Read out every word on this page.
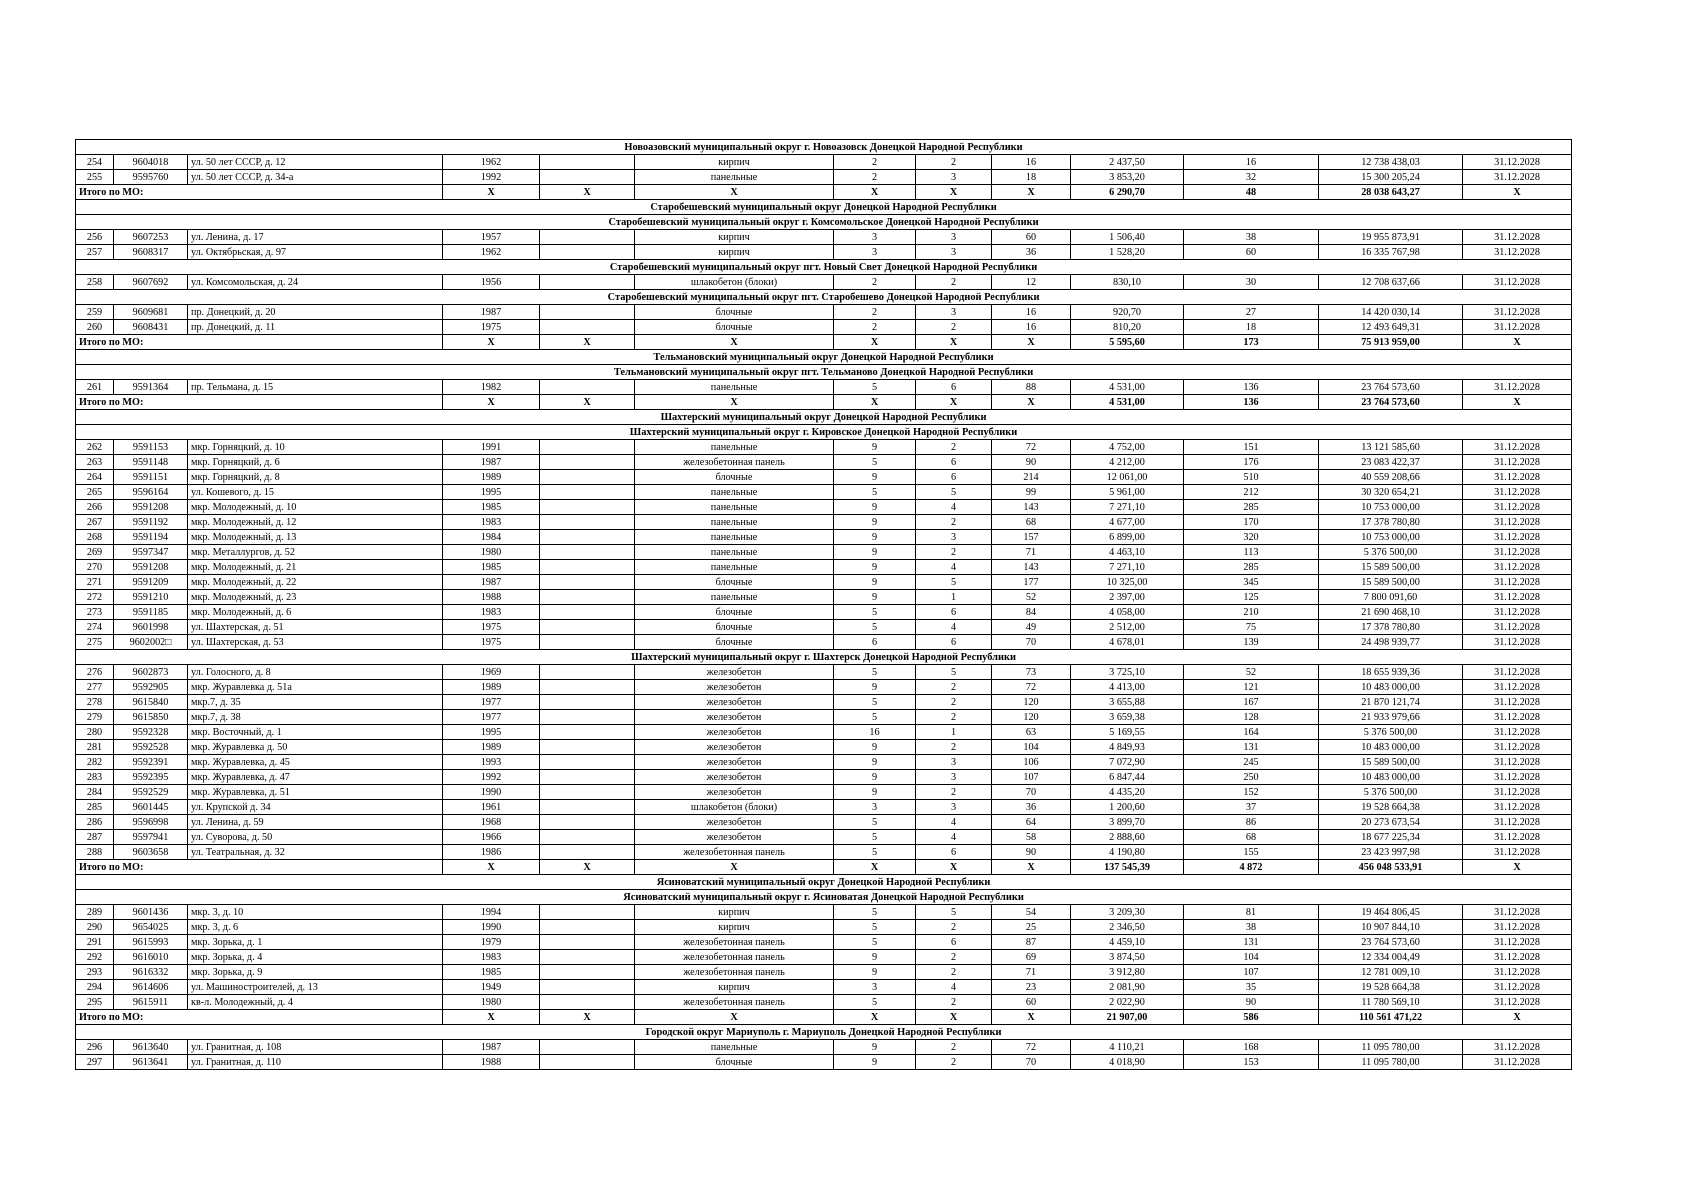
Новоазовский муниципальный округ г. Новоазовск Донецкой Народной Республики												
254	9604018	ул. 50 лет СССР, д. 12	1962		кирпич	2	2	16	2 437,50	16	12 738 438,03	31.12.2028
255	9595760	ул. 50 лет СССР, д. 34-а	1992		панельные	2	3	18	3 853,20	32	15 300 205,24	31.12.2028
Итого по МО:			X	X	X	X	X	X	6 290,70	48	28 038 643,27	X
Старобешевский муниципальный округ Донецкой Народной Республики												
Старобешевский муниципальный округ г. Комсомольское Донецкой Народной Республики												
256	9607253	ул. Ленина, д. 17	1957		кирпич	3	3	60	1 506,40	38	19 955 873,91	31.12.2028
257	9608317	ул. Октябрьская, д. 97	1962		кирпич	3	3	36	1 528,20	60	16 335 767,98	31.12.2028
Старобешевский муниципальный округ пгт. Новый Свет Донецкой Народной Республики												
258	9607692	ул. Комсомольская, д. 24	1956		шлакобетон (блоки)	2	2	12	830,10	30	12 708 637,66	31.12.2028
Старобешевский муниципальный округ пгт. Старобешево Донецкой Народной Республики												
259	9609681	пр. Донецкий, д. 20	1987		блочные	2	3	16	920,70	27	14 420 030,14	31.12.2028
260	9608431	пр. Донецкий, д. 11	1975		блочные	2	2	16	810,20	18	12 493 649,31	31.12.2028
Итого по МО:			X	X	X	X	X	X	5 595,60	173	75 913 959,00	X
Тельмановский муниципальный округ Донецкой Народной Республики												
Тельмановский муниципальный округ пгт. Тельманово Донецкой Народной Республики												
261	9591364	пр. Тельмана, д. 15	1982		панельные	5	6	88	4 531,00	136	23 764 573,60	31.12.2028
Итого по МО:			X	X	X	X	X	X	4 531,00	136	23 764 573,60	X
Шахтерский муниципальный округ Донецкой Народной Республики												
Шахтерский муниципальный округ г. Кировское Донецкой Народной Республики												
262	9591153	мкр. Горняцкий, д. 10	1991		панельные	9	2	72	4 752,00	151	13 121 585,60	31.12.2028
263	9591148	мкр. Горняцкий, д. 6	1987		железобетонная панель	5	6	90	4 212,00	176	23 083 422,37	31.12.2028
264	9591151	мкр. Горняцкий, д. 8	1989		блочные	9	6	214	12 061,00	510	40 559 208,66	31.12.2028
265	9596164	ул. Кошевого, д. 15	1995		панельные	5	5	99	5 961,00	212	30 320 654,21	31.12.2028
266	9591208	мкр. Молодежный, д. 10	1985		панельные	9	4	143	7 271,10	285	10 753 000,00	31.12.2028
267	9591192	мкр. Молодежный, д. 12	1983		панельные	9	2	68	4 677,00	170	17 378 780,80	31.12.2028
268	9591194	мкр. Молодежный, д. 13	1984		панельные	9	3	157	6 899,00	320	10 753 000,00	31.12.2028
269	9597347	мкр. Металлургов, д. 52	1980		панельные	9	2	71	4 463,10	113	5 376 500,00	31.12.2028
270	9591208	мкр. Молодежный, д. 21	1985		панельные	9	4	143	7 271,10	285	15 589 500,00	31.12.2028
271	9591209	мкр. Молодежный, д. 22	1987		блочные	9	5	177	10 325,00	345	15 589 500,00	31.12.2028
272	9591210	мкр. Молодежный, д. 23	1988		панельные	9	1	52	2 397,00	125	7 800 091,60	31.12.2028
273	9591185	мкр. Молодежный, д. 6	1983		блочные	5	6	84	4 058,00	210	21 690 468,10	31.12.2028
274	9601998	ул. Шахтерская, д. 51	1975		блочные	5	4	49	2 512,00	75	17 378 780,80	31.12.2028
275	9602002□	ул. Шахтерская, д. 53	1975		блочные	6	6	70	4 678,01	139	24 498 939,77	31.12.2028
Шахтерский муниципальный округ г. Шахтерск Донецкой Народной Республики												
276	9602873	ул. Голосного, д. 8	1969		железобетон	5	5	73	3 725,10	52	18 655 939,36	31.12.2028
277	9592905	мкр. Журавлевка д. 51а	1989		железобетон	9	2	72	4 413,00	121	10 483 000,00	31.12.2028
278	9615840	мкр.7, д. 35	1977		железобетон	5	2	120	3 655,88	167	21 870 121,74	31.12.2028
279	9615850	мкр.7, д. 38	1977		железобетон	5	2	120	3 659,38	128	21 933 979,66	31.12.2028
280	9592328	мкр. Восточный, д. 1	1995		железобетон	16	1	63	5 169,55	164	5 376 500,00	31.12.2028
281	9592528	мкр. Журавлевка д. 50	1989		железобетон	9	2	104	4 849,93	131	10 483 000,00	31.12.2028
282	9592391	мкр. Журавлевка, д. 45	1993		железобетон	9	3	106	7 072,90	245	15 589 500,00	31.12.2028
283	9592395	мкр. Журавлевка, д. 47	1992		железобетон	9	3	107	6 847,44	250	10 483 000,00	31.12.2028
284	9592529	мкр. Журавлевка, д. 51	1990		железобетон	9	2	70	4 435,20	152	5 376 500,00	31.12.2028
285	9601445	ул. Крупской д. 34	1961		шлакобетон (блоки)	3	3	36	1 200,60	37	19 528 664,38	31.12.2028
286	9596998	ул. Ленина, д. 59	1968		железобетон	5	4	64	3 899,70	86	20 273 673,54	31.12.2028
287	9597941	ул. Суворова, д. 50	1966		железобетон	5	4	58	2 888,60	68	18 677 225,34	31.12.2028
288	9603658	ул. Театральная, д. 32	1986		железобетонная панель	5	6	90	4 190,80	155	23 423 997,98	31.12.2028
Итого по МО:			X	X	X	X	X	X	137 545,39	4 872	456 048 533,91	X
Ясиноватский муниципальный округ Донецкой Народной Республики												
Ясиноватский муниципальный округ г. Ясиноватая Донецкой Народной Республики												
289	9601436	мкр. 3, д. 10	1994		кирпич	5	5	54	3 209,30	81	19 464 806,45	31.12.2028
290	9654025	мкр. 3, д. 6	1990		кирпич	5	2	25	2 346,50	38	10 907 844,10	31.12.2028
291	9615993	мкр. Зорька, д. 1	1979		железобетонная панель	5	6	87	4 459,10	131	23 764 573,60	31.12.2028
292	9616010	мкр. Зорька, д. 4	1983		железобетонная панель	9	2	69	3 874,50	104	12 334 004,49	31.12.2028
293	9616332	мкр. Зорька, д. 9	1985		железобетонная панель	9	2	71	3 912,80	107	12 781 009,10	31.12.2028
294	9614606	ул. Машиностроителей, д. 13	1949		кирпич	3	4	23	2 081,90	35	19 528 664,38	31.12.2028
295	9615911	кв-л. Молодежный, д. 4	1980		железобетонная панель	5	2	60	2 022,90	90	11 780 569,10	31.12.2028
Итого по МО:			X	X	X	X	X	X	21 907,00	586	110 561 471,22	X
Городской округ Мариуполь г. Мариуполь Донецкой Народной Республики												
296	9613640	ул. Гранитная, д. 108	1987		панельные	9	2	72	4 110,21	168	11 095 780,00	31.12.2028
297	9613641	ул. Гранитная, д. 110	1988		блочные	9	2	70	4 018,90	153	11 095 780,00	31.12.2028
